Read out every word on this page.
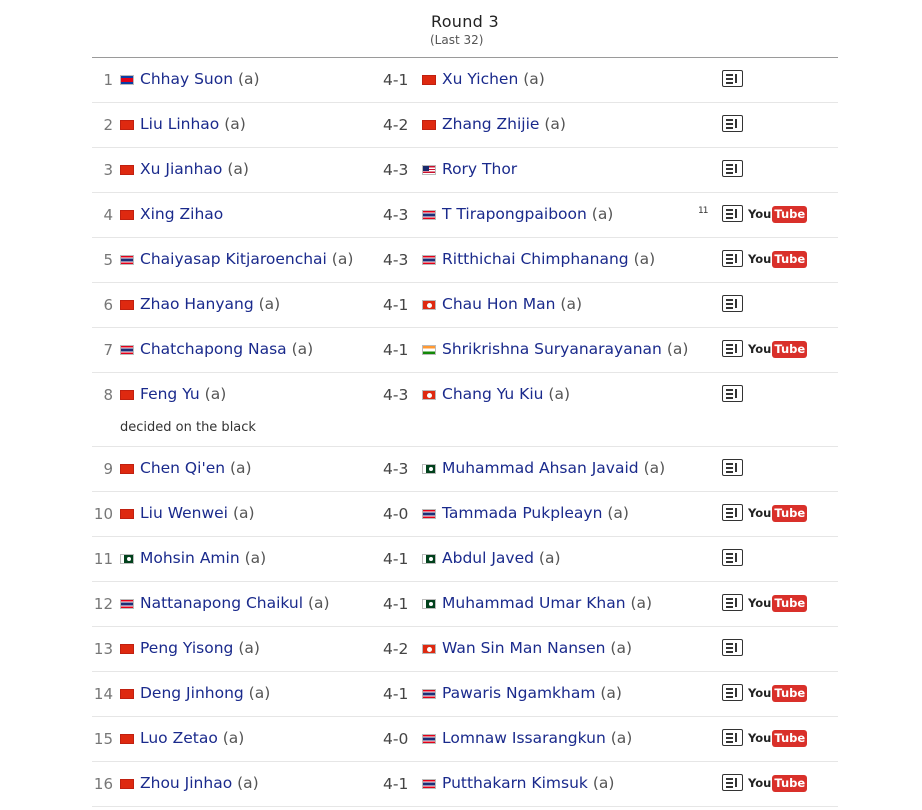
Round 3
(Last 32)
1	Chhay Suon (a)	4-1	Xu Yichen (a)
2	Liu Linhao (a)	4-2	Zhang Zhijie (a)
3	Xu Jianhao (a)	4-3	Rory Thor
4	Xing Zihao	4-3	T Tirapongpaiboon (a)	11	You Tube
5	Chaiyasap Kitjaroenchai (a) 4-3	Ritthichai Chimphanang (a)	You Tube
6	Zhao Hanyang (a)	4-1	Chau Hon Man (a)
7	Chatchapong Nasa (a)	4-1	Shrikrishna Suryanarayanan (a)	You Tube
8	Feng Yu (a)	4-3	Chang Yu Kiu (a)
decided on the black
9	Chen Qi'en (a)	4-3	Muhammad Ahsan Javaid (a)
10	Liu Wenwei (a)	4-0	Tammada Pukpleayn (a)	You Tube
11	Mohsin Amin (a)	4-1	Abdul Javed (a)
12	Nattanapong Chaikul (a)	4-1	Muhammad Umar Khan (a)	You Tube
13	Peng Yisong (a)	4-2	Wan Sin Man Nansen (a)
14	Deng Jinhong (a)	4-1	Pawaris Ngamkham (a)	You Tube
15	Luo Zetao (a)	4-0	Lomnaw Issarangkun (a)	You Tube
16	Zhou Jinhao (a)	4-1	Putthakarn Kimsuk (a)	You Tube
